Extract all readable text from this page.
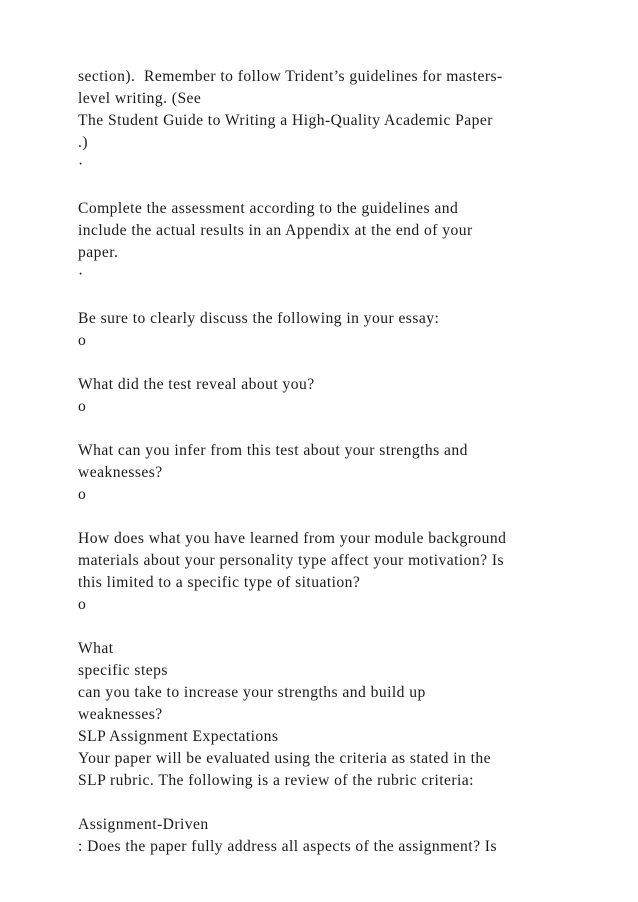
section).  Remember to follow Trident’s guidelines for masters-
level writing. (See
The Student Guide to Writing a High-Quality Academic Paper
.)
·
Complete the assessment according to the guidelines and
include the actual results in an Appendix at the end of your
paper.
·
Be sure to clearly discuss the following in your essay:
o
What did the test reveal about you?
o
What can you infer from this test about your strengths and
weaknesses?
o
How does what you have learned from your module background
materials about your personality type affect your motivation? Is
this limited to a specific type of situation?
o
What
specific steps
can you take to increase your strengths and build up
weaknesses?
SLP Assignment Expectations
Your paper will be evaluated using the criteria as stated in the
SLP rubric. The following is a review of the rubric criteria:
Assignment-Driven
: Does the paper fully address all aspects of the assignment? Is
